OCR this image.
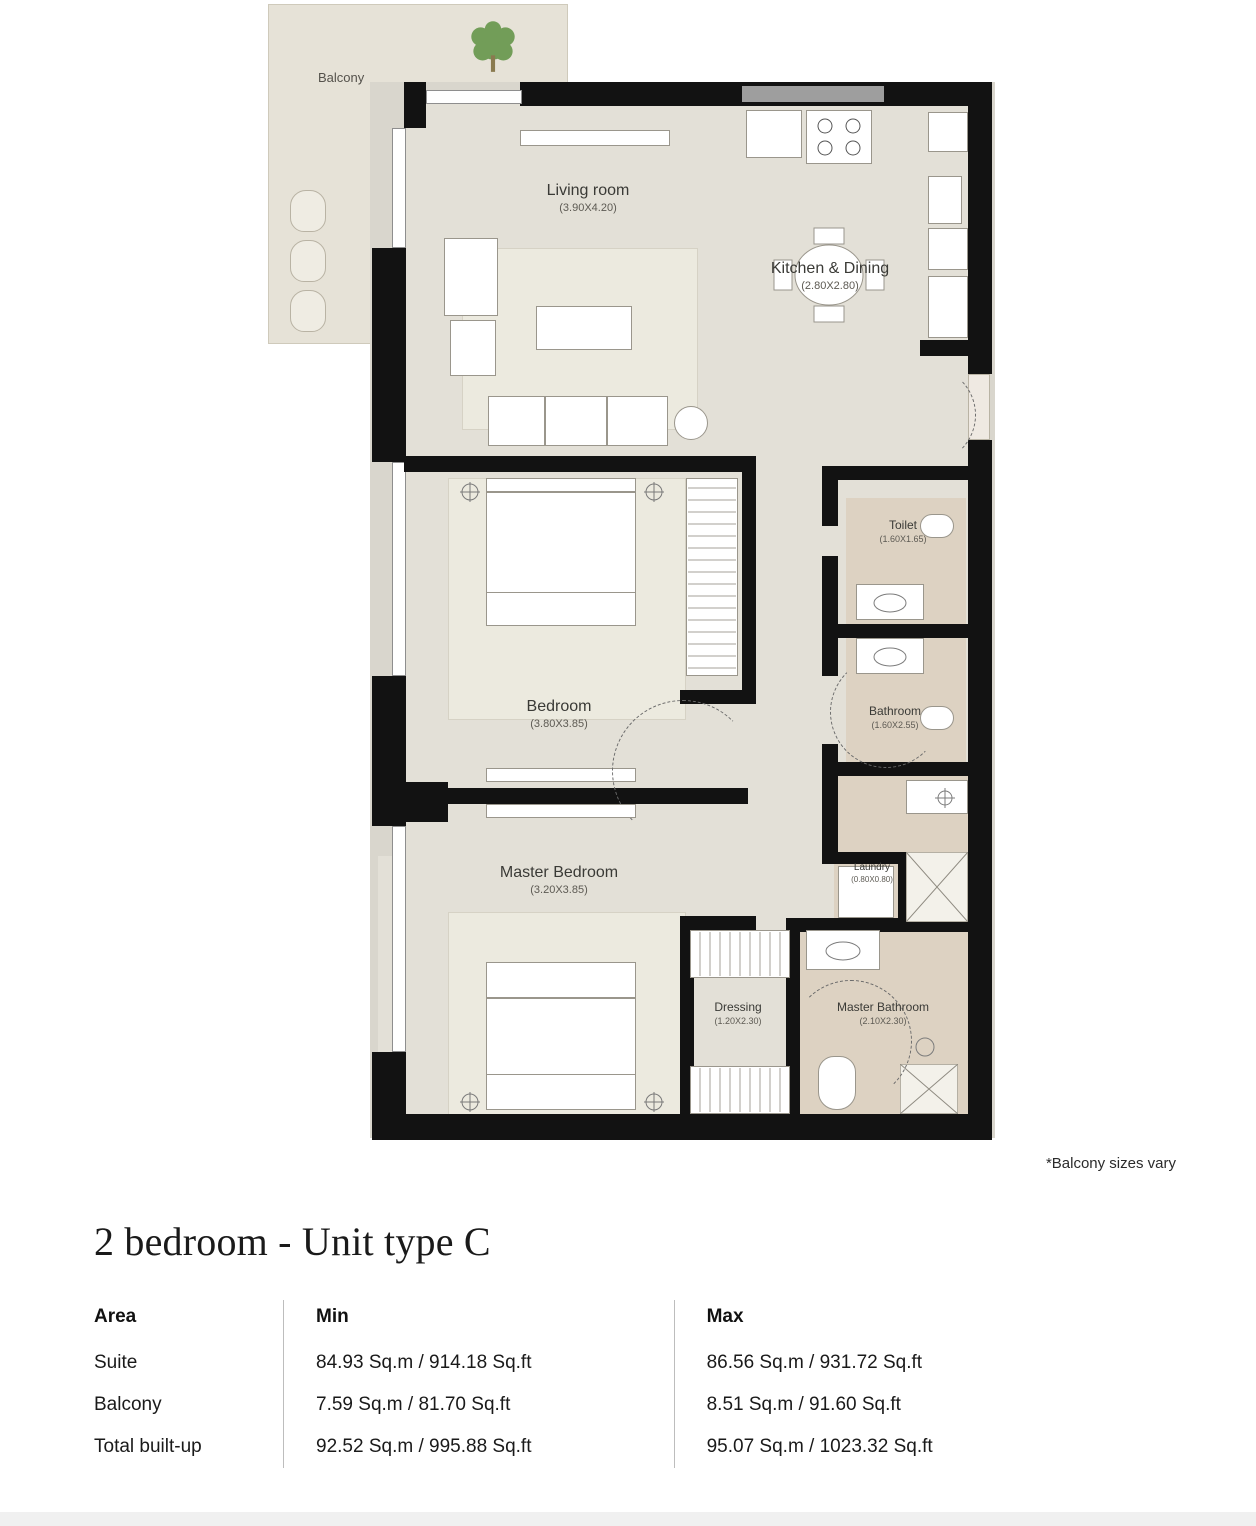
Balcony
Living room
(3.90X4.20)
Kitchen & Dining
(2.80X2.80)
Bedroom
(3.80X3.85)
Master Bedroom
(3.20X3.85)
Toilet
(1.60X1.65)
Bathroom
(1.60X2.55)
Laundry
(0.80X0.80)
Dressing
(1.20X2.30)
Master Bathroom
(2.10X2.30)
*Balcony sizes vary
2 bedroom - Unit type C
Area	Min	Max
Suite	84.93 Sq.m / 914.18 Sq.ft	86.56 Sq.m / 931.72 Sq.ft
Balcony	7.59 Sq.m / 81.70 Sq.ft	8.51 Sq.m / 91.60 Sq.ft
Total built-up	92.52 Sq.m / 995.88 Sq.ft	95.07 Sq.m / 1023.32 Sq.ft
